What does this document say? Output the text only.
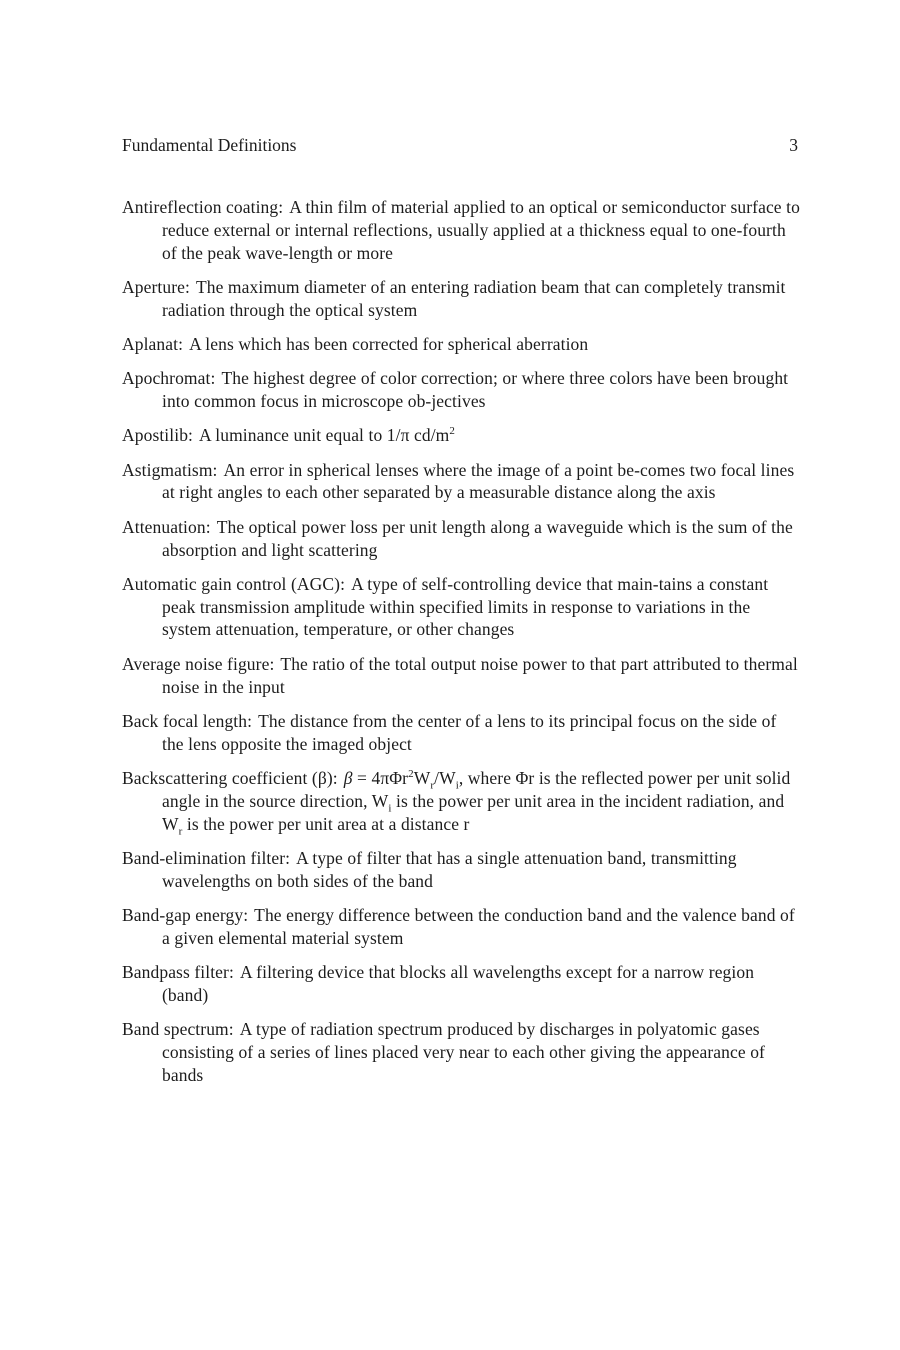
Fundamental Definitions	3

Antireflection coating: A thin film of material applied to an optical or semiconductor surface to reduce external or internal reflections, usually applied at a thickness equal to one-fourth of the peak wave-length or more

Aperture: The maximum diameter of an entering radiation beam that can completely transmit radiation through the optical system

Aplanat: A lens which has been corrected for spherical aberration

Apochromat: The highest degree of color correction; or where three colors have been brought into common focus in microscope ob-jectives

Apostilib: A luminance unit equal to 1/π $cd/m^2$

Astigmatism: An error in spherical lenses where the image of a point be-comes two focal lines at right angles to each other separated by a measurable distance along the axis

Attenuation: The optical power loss per unit length along a waveguide which is the sum of the absorption and light scattering

Automatic gain control (AGC): A type of self-controlling device that main-tains a constant peak transmission amplitude within specified limits in response to variations in the system attenuation, temperature, or other changes

Average noise figure: The ratio of the total output noise power to that part attributed to thermal noise in the input

Back focal length: The distance from the center of a lens to its principal focus on the side of the lens opposite the imaged object

Backscattering coefficient (β): $\beta = 4\pi\Phi r^2W_r/W_i$, where Φr is the reflected power per unit solid angle in the source direction, $W_i$ is the power per unit area in the incident radiation, and $W_r$ is the power per unit area at a distance r

Band-elimination filter: A type of filter that has a single attenuation band, transmitting wavelengths on both sides of the band

Band-gap energy: The energy difference between the conduction band and the valence band of a given elemental material system

Bandpass filter: A filtering device that blocks all wavelengths except for a narrow region (band)

Band spectrum: A type of radiation spectrum produced by discharges in polyatomic gases consisting of a series of lines placed very near to each other giving the appearance of bands
